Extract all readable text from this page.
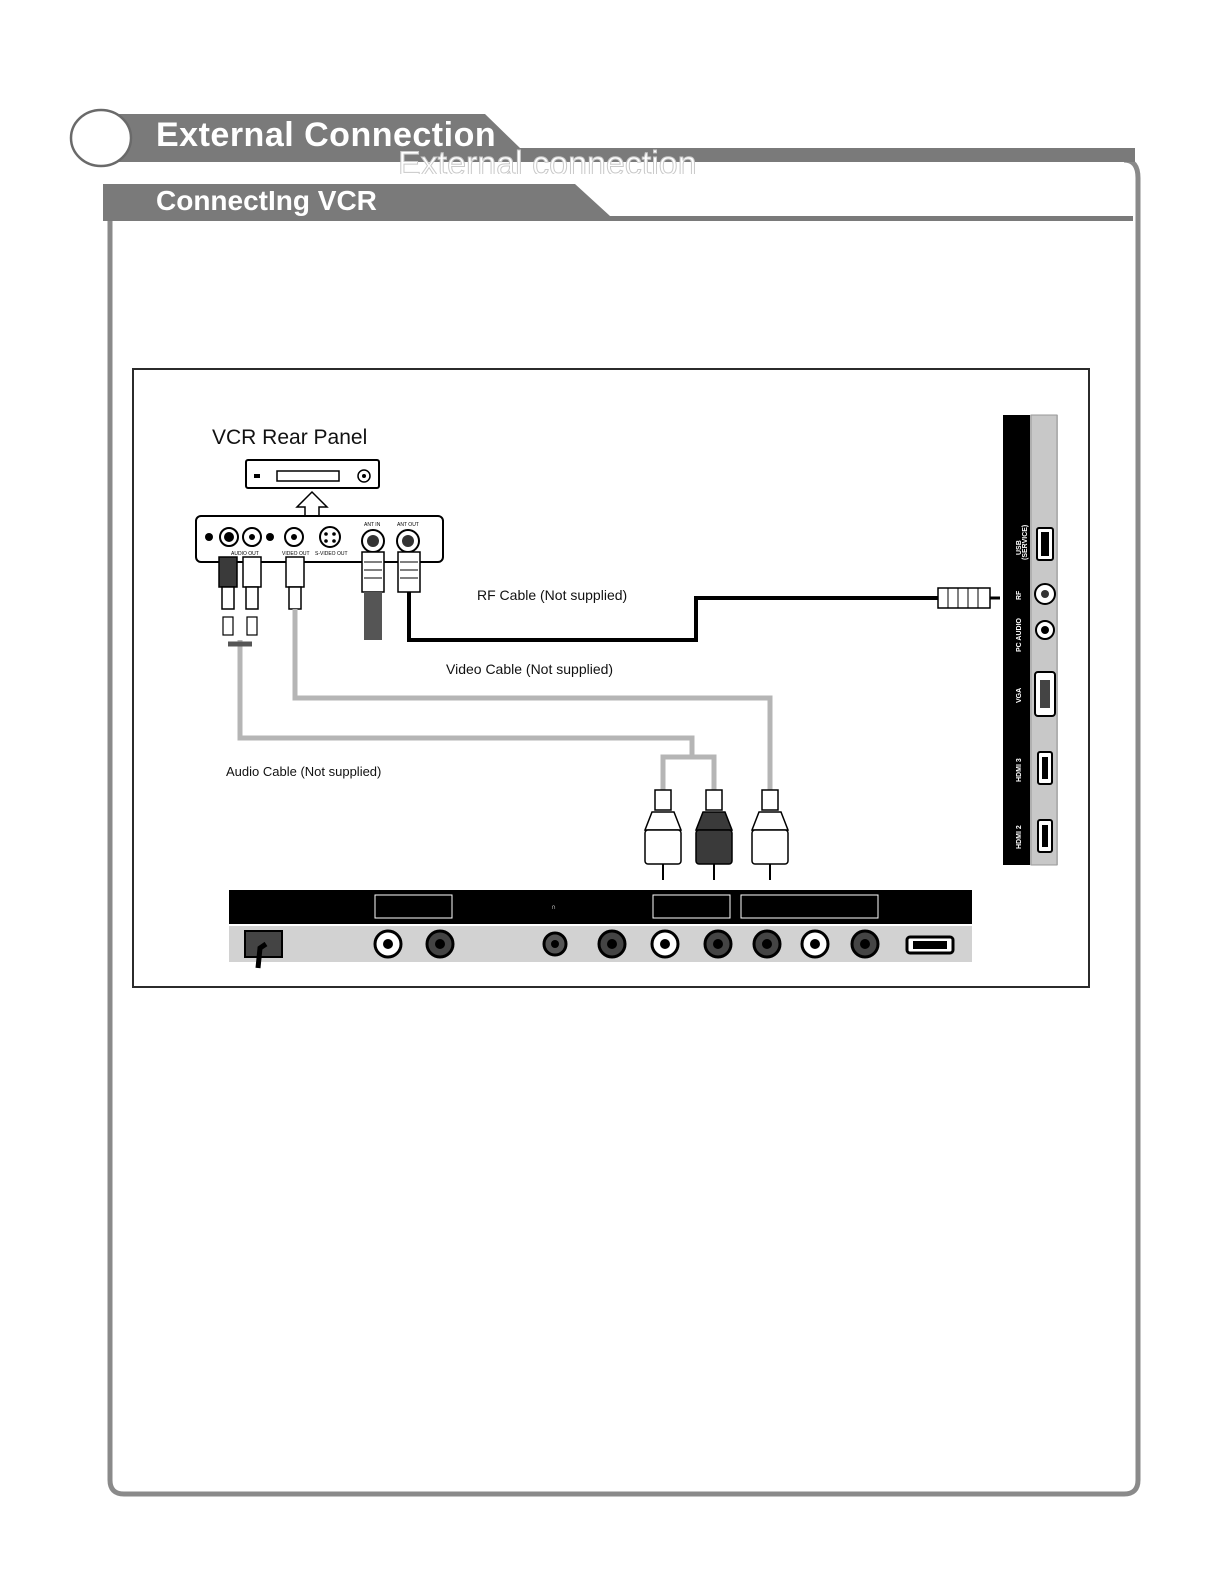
External Connection
External connection
ConnectIng VCR
ANT IN	ANT OUT
AUDIO OUT	VIDEO OUT S-VIDEO OUT	USB (SERVICE)
RF
PC AUDIO
VGA
HDMI 3
HDMI 2
∩
VCR Rear Panel
RF Cable (Not supplied)
Video Cable (Not supplied)
Audio Cable (Not supplied)
